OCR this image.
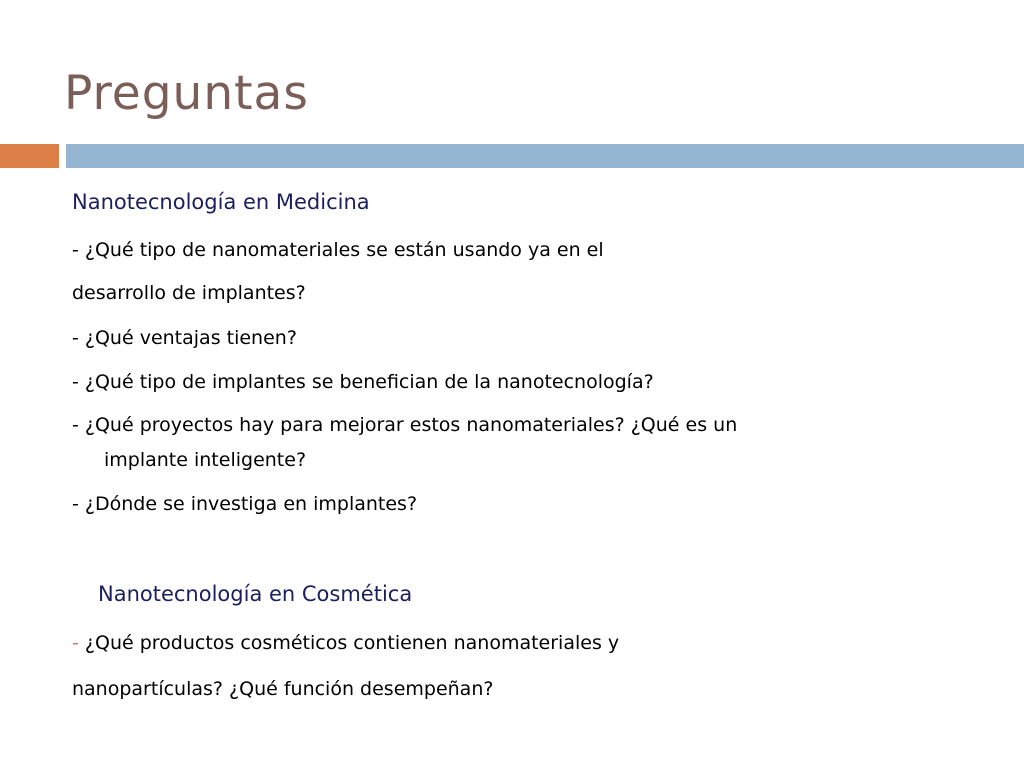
Preguntas

Nanotecnología en Medicina

- ¿Qué tipo de nanomateriales se están usando ya en el

desarrollo de implantes?

- ¿Qué ventajas tienen?

- ¿Qué tipo de implantes se benefician de la nanotecnología?

- ¿Qué proyectos hay para mejorar estos nanomateriales? ¿Qué es un

implante inteligente?

- ¿Dónde se investiga en implantes?

Nanotecnología en Cosmética

- ¿Qué productos cosméticos contienen nanomateriales y

nanopartículas? ¿Qué función desempeñan?
